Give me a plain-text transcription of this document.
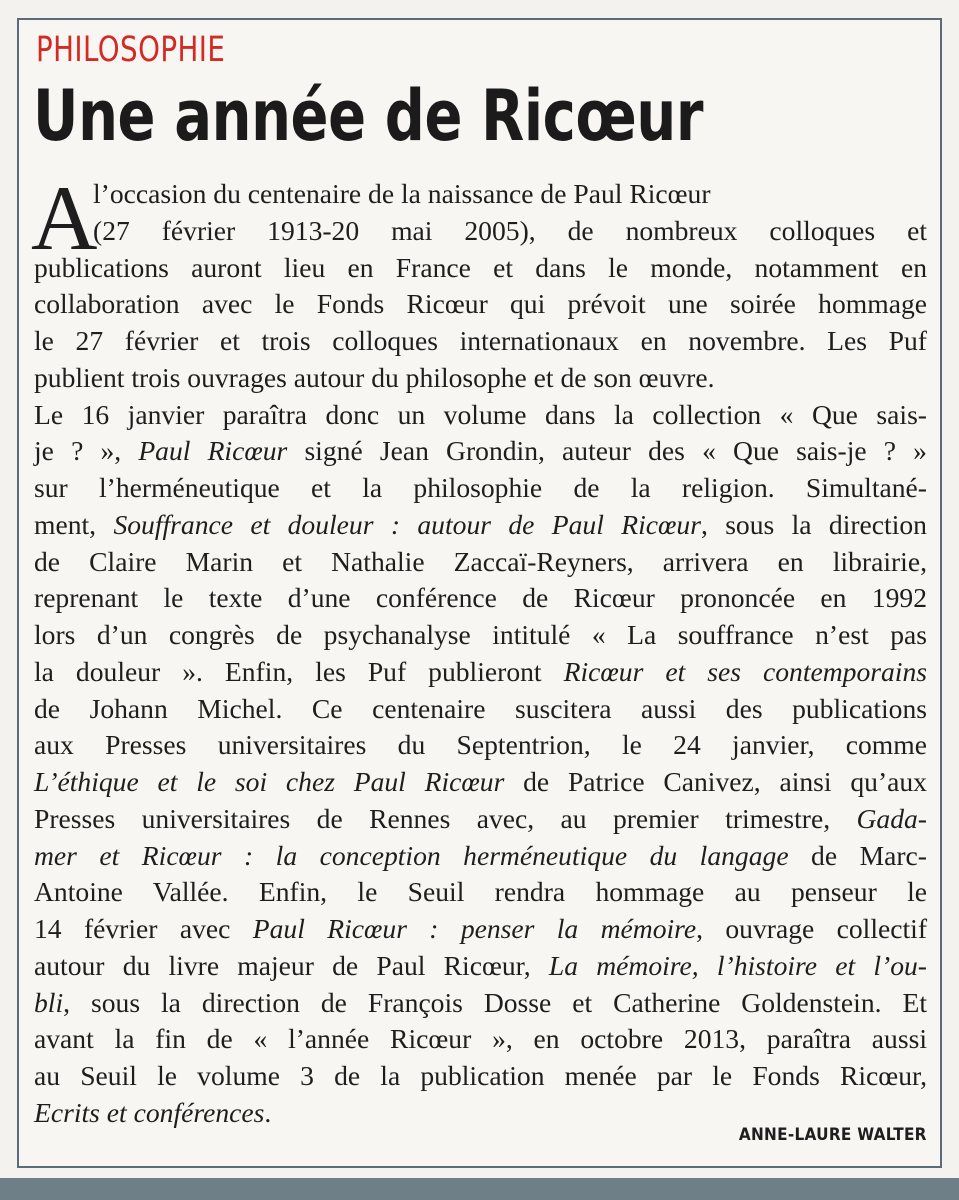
PHILOSOPHIE
Une année de Ricœur
A
l’occasion du centenaire de la naissance de Paul Ricœur
(27 février 1913-20 mai 2005), de nombreux colloques et
publications auront lieu en France et dans le monde, notamment en
collaboration avec le Fonds Ricœur qui prévoit une soirée hommage
le 27 février et trois colloques internationaux en novembre. Les Puf
publient trois ouvrages autour du philosophe et de son œuvre.
Le 16 janvier paraîtra donc un volume dans la collection « Que sais-
je ? », Paul Ricœur signé Jean Grondin, auteur des « Que sais-je ? »
sur l’herméneutique et la philosophie de la religion. Simultané-
ment, Souffrance et douleur : autour de Paul Ricœur, sous la direction
de Claire Marin et Nathalie Zaccaï-Reyners, arrivera en librairie,
reprenant le texte d’une conférence de Ricœur prononcée en 1992
lors d’un congrès de psychanalyse intitulé « La souffrance n’est pas
la douleur ». Enfin, les Puf publieront Ricœur et ses contemporains
de Johann Michel. Ce centenaire suscitera aussi des publications
aux Presses universitaires du Septentrion, le 24 janvier, comme
L’éthique et le soi chez Paul Ricœur de Patrice Canivez, ainsi qu’aux
Presses universitaires de Rennes avec, au premier trimestre, Gada-
mer et Ricœur : la conception herméneutique du langage de Marc-
Antoine Vallée. Enfin, le Seuil rendra hommage au penseur le
14 février avec Paul Ricœur : penser la mémoire, ouvrage collectif
autour du livre majeur de Paul Ricœur, La mémoire, l’histoire et l’ou-
bli, sous la direction de François Dosse et Catherine Goldenstein. Et
avant la fin de « l’année Ricœur », en octobre 2013, paraîtra aussi
au Seuil le volume 3 de la publication menée par le Fonds Ricœur,
Ecrits et conférences.
ANNE-LAURE WALTER
